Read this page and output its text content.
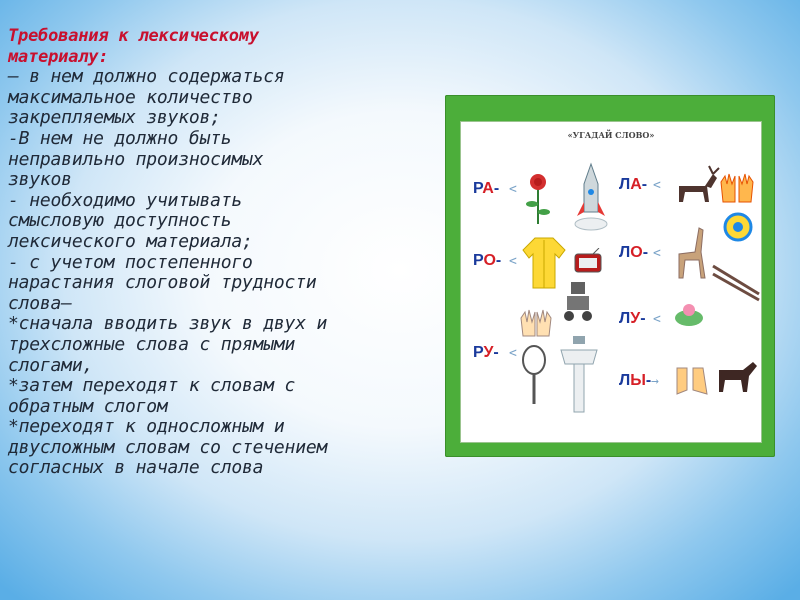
Требования к лексическому
материалу:
– в нем должно содержаться
максимальное количество
закрепляемых звуков;
-В нем не должно быть
неправильно произносимых
звуков
- необходимо учитывать
смысловую доступность
лексического материала;
- с учетом постепенного
нарастания слоговой трудности
слова–
*сначала вводить звук в двух и
трехсложные слова с прямыми
слогами,
*затем переходят к словам с
обратным слогом
*переходят к односложным и
двусложным словам со стечением
согласных в начале слова
«УГАДАЙ СЛОВО»
РА-
РО-
РУ-
ЛА-
ЛО-
ЛУ-
ЛЫ-
<
<
<
<
<
<
→
